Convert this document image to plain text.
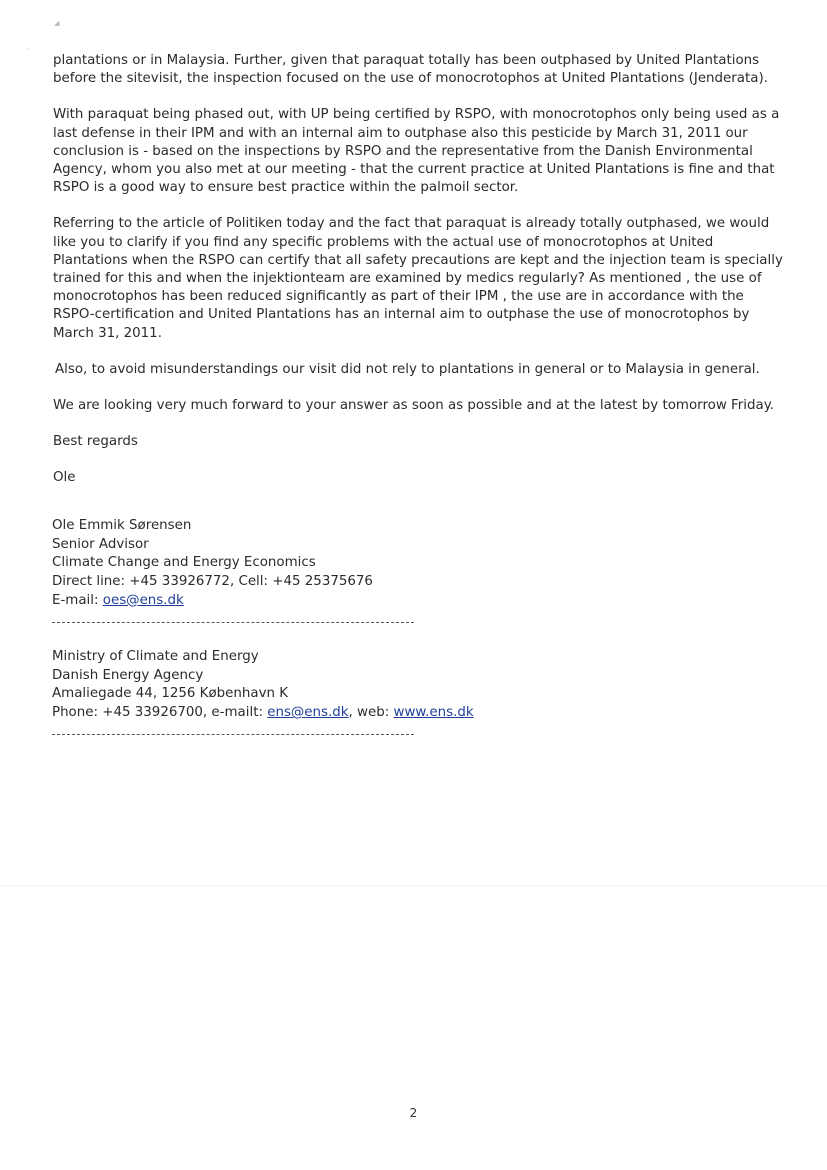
◢
ᵕ

plantations or in Malaysia. Further, given that paraquat totally has been outphased by United Plantations before the sitevisit, the inspection focused on the use of monocrotophos at United Plantations (Jenderata).

With paraquat being phased out, with UP being certified by RSPO, with monocrotophos only being used as a last defense in their IPM and with an internal aim to outphase also this pesticide by March 31, 2011 our conclusion is - based on the inspections by RSPO and the representative from the Danish Environmental Agency, whom you also met at our meeting - that the current practice at United Plantations is fine and that RSPO is a good way to ensure best practice within the palmoil sector.

Referring to the article of Politiken today and the fact that paraquat is already totally outphased, we would like you to clarify if you find any specific problems with the actual use of monocrotophos at United Plantations when the RSPO can certify that all safety precautions are kept and the injection team is specially trained for this and when the injektionteam are examined by medics regularly? As mentioned , the use of monocrotophos has been reduced significantly as part of their IPM , the use are in accordance with the RSPO-certification and United Plantations has an internal aim to outphase the use of monocrotophos by March 31, 2011.

Also, to avoid misunderstandings our visit did not rely to plantations in general or to Malaysia in general.

We are looking very much forward to your answer as soon as possible and at the latest by tomorrow Friday.

Best regards

Ole

Ole Emmik Sørensen
Senior Advisor
Climate Change and Energy Economics
Direct line: +45 33926772, Cell: +45 25375676
E-mail: oes@ens.dk
Ministry of Climate and Energy
Danish Energy Agency
Amaliegade 44, 1256 København K
Phone: +45 33926700, e-mailt: ens@ens.dk, web: www.ens.dk
2
